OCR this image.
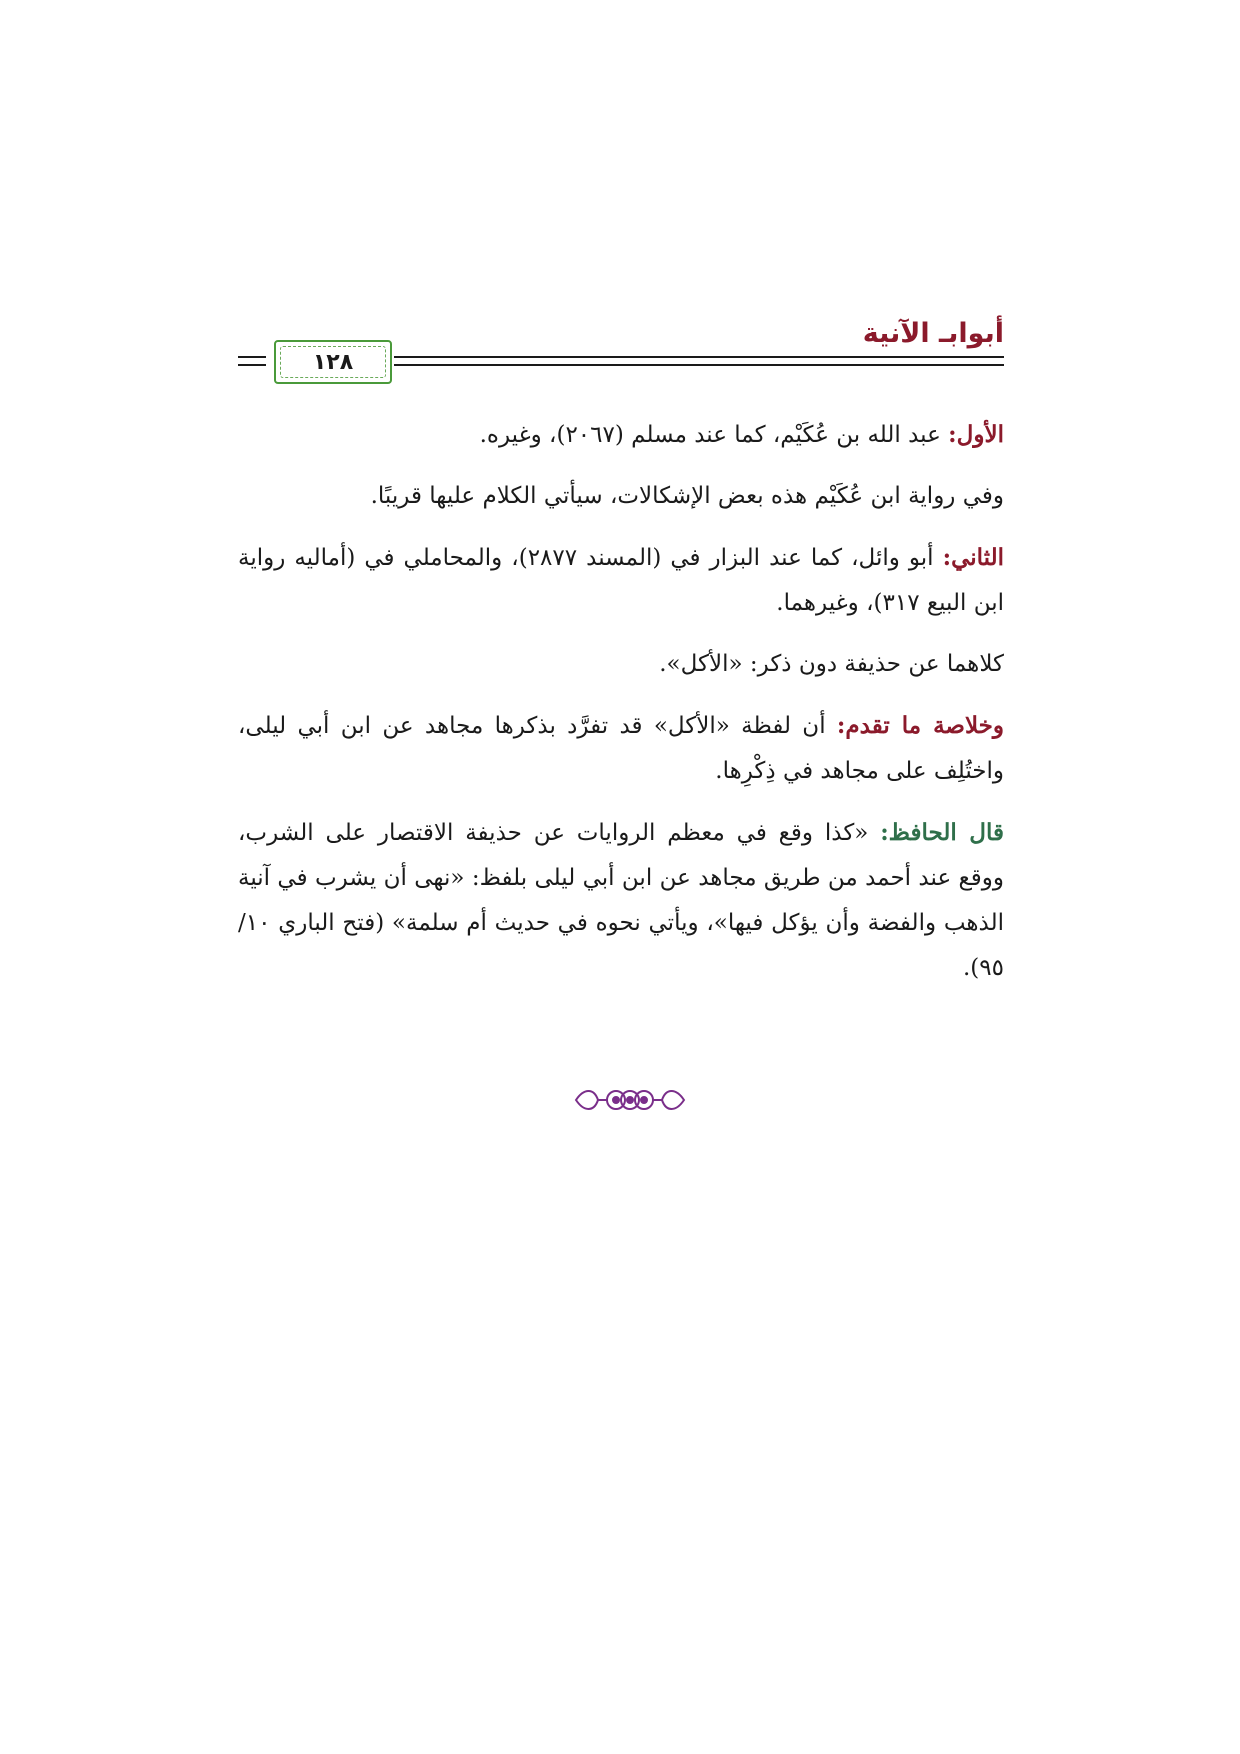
أبوابـ الآنية
١٢٨

الأول: عبد الله بن عُكَيْم، كما عند مسلم (٢٠٦٧)، وغيره.

وفي رواية ابن عُكَيْم هذه بعض الإشكالات، سيأتي الكلام عليها قريبًا.

الثاني: أبو وائل، كما عند البزار في (المسند ٢٨٧٧)، والمحاملي في (أماليه رواية ابن البيع ٣١٧)، وغيرهما.

كلاهما عن حذيفة دون ذكر: «الأكل».

وخلاصة ما تقدم: أن لفظة «الأكل» قد تفرَّد بذكرها مجاهد عن ابن أبي ليلى، واختُلِف على مجاهد في ذِكْرِها.

قال الحافظ: «كذا وقع في معظم الروايات عن حذيفة الاقتصار على الشرب، ووقع عند أحمد من طريق مجاهد عن ابن أبي ليلى بلفظ: «نهى أن يشرب في آنية الذهب والفضة وأن يؤكل فيها»، ويأتي نحوه في حديث أم سلمة» (فتح الباري ١٠/ ٩٥).
